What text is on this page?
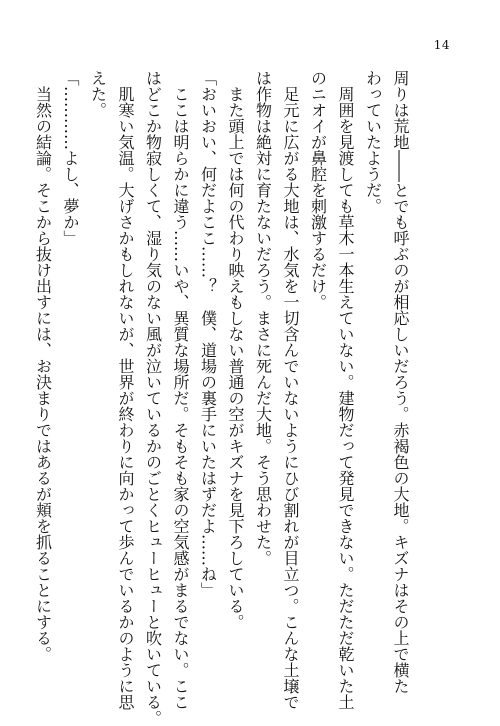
14
周りは荒地――とでも呼ぶのが相応しいだろう。赤褐色の大地。キズナはその上で横た
わっていたようだ。
　周囲を見渡しても草木一本生えていない。建物だって発見できない。ただただ乾いた土
のニオイが鼻腔を刺激するだけ。
　足元に広がる大地は、水気を一切含んでいないようにひび割れが目立つ。こんな土壌で
は作物は絶対に育たないだろう。まさに死んだ大地。そう思わせた。
　また頭上では何の代わり映えもしない普通の空がキズナを見下ろしている。
「おいおい、何だよここ……？　僕、道場の裏手にいたはずだよ……ね」
　ここは明らかに違う……いや、異質な場所だ。そもそも家の空気感がまるでない。ここ
はどこか物寂しくて、湿り気のない風が泣いているかのごとくヒューヒューと吹いている。
　肌寒い気温。大げさかもしれないが、世界が終わりに向かって歩んでいるかのように思
えた。
「…………よし、夢か」
　当然の結論。そこから抜け出すには、お決まりではあるが頬を抓ることにする。
